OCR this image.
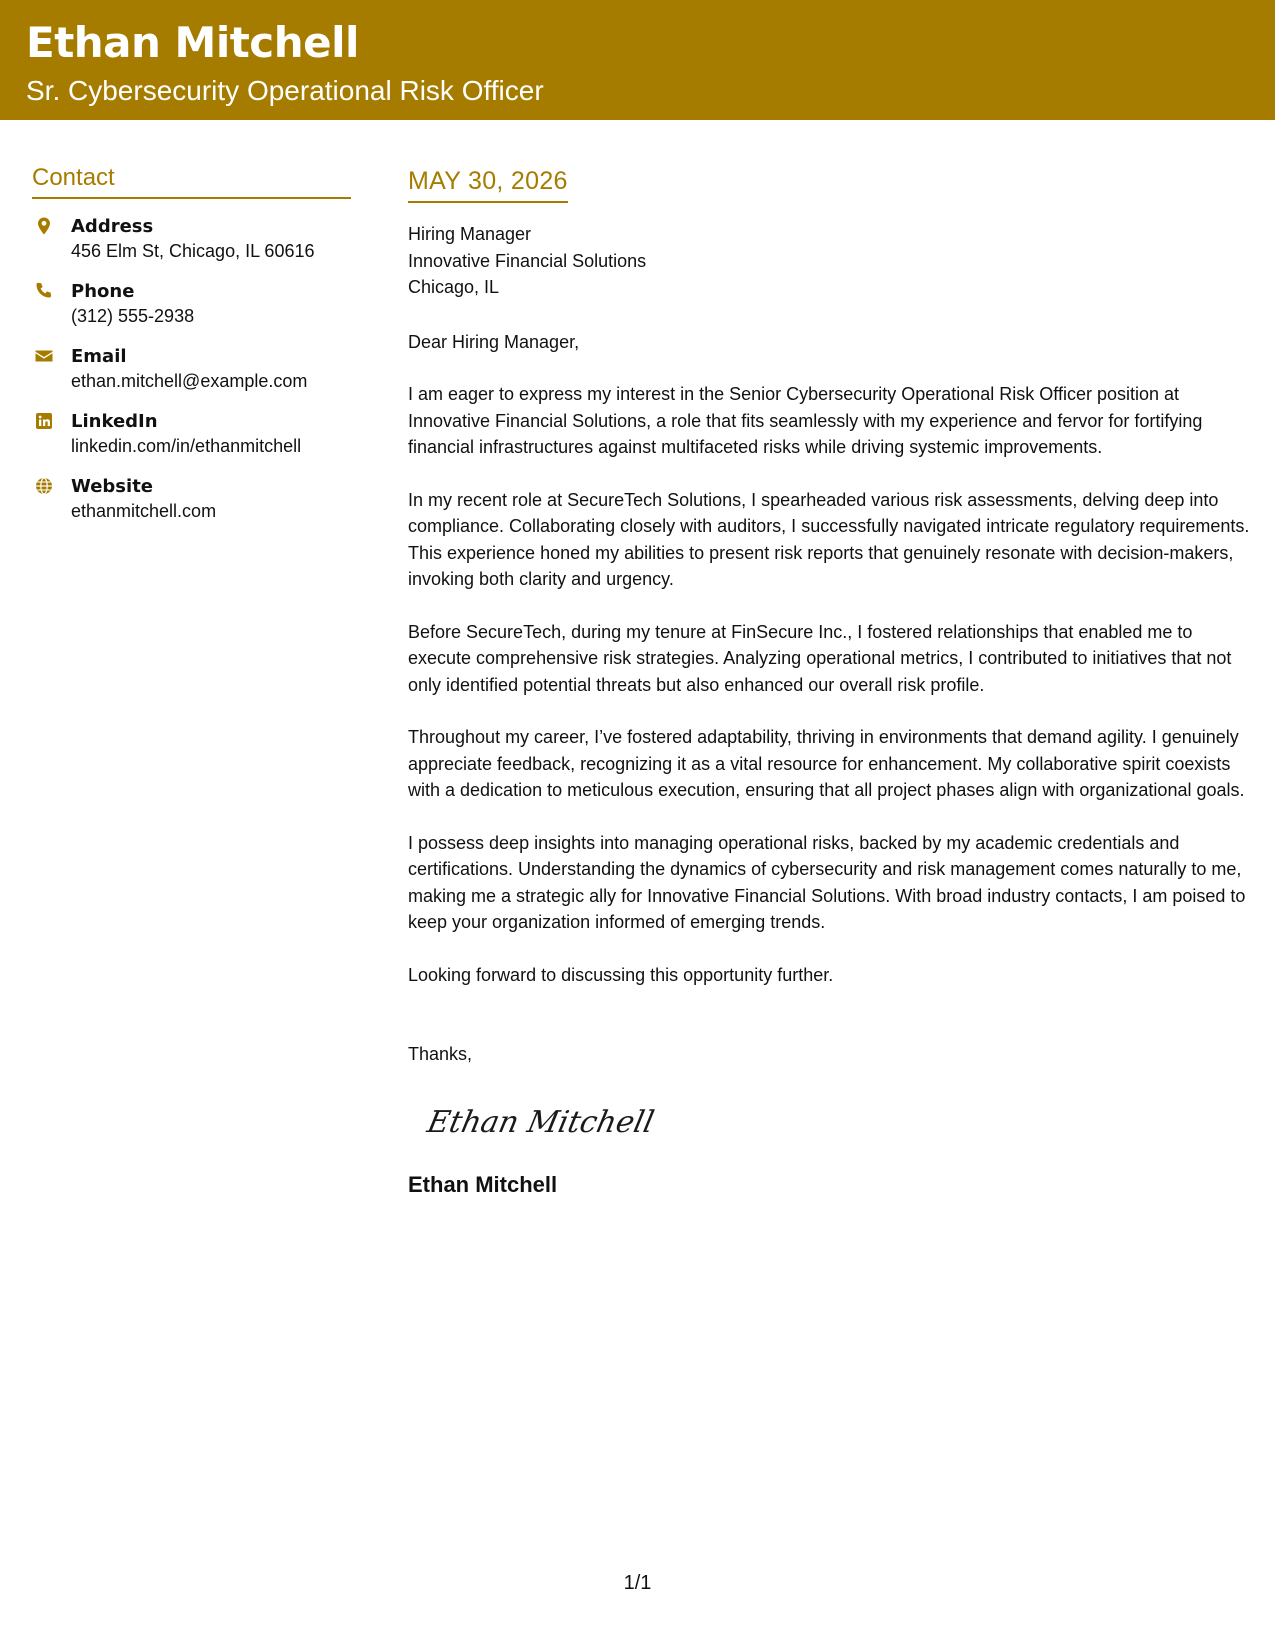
Ethan Mitchell
Sr. Cybersecurity Operational Risk Officer
Contact
Address
456 Elm St, Chicago, IL 60616
Phone
(312) 555-2938
Email
ethan.mitchell@example.com
LinkedIn
linkedin.com/in/ethanmitchell
Website
ethanmitchell.com
MAY 30, 2026
Hiring Manager
Innovative Financial Solutions
Chicago, IL
Dear Hiring Manager,
I am eager to express my interest in the Senior Cybersecurity Operational Risk Officer position at Innovative Financial Solutions, a role that fits seamlessly with my experience and fervor for fortifying financial infrastructures against multifaceted risks while driving systemic improvements.
In my recent role at SecureTech Solutions, I spearheaded various risk assessments, delving deep into compliance. Collaborating closely with auditors, I successfully navigated intricate regulatory requirements. This experience honed my abilities to present risk reports that genuinely resonate with decision-makers, invoking both clarity and urgency.
Before SecureTech, during my tenure at FinSecure Inc., I fostered relationships that enabled me to execute comprehensive risk strategies. Analyzing operational metrics, I contributed to initiatives that not only identified potential threats but also enhanced our overall risk profile.
Throughout my career, I’ve fostered adaptability, thriving in environments that demand agility. I genuinely appreciate feedback, recognizing it as a vital resource for enhancement. My collaborative spirit coexists with a dedication to meticulous execution, ensuring that all project phases align with organizational goals.
I possess deep insights into managing operational risks, backed by my academic credentials and certifications. Understanding the dynamics of cybersecurity and risk management comes naturally to me, making me a strategic ally for Innovative Financial Solutions. With broad industry contacts, I am poised to keep your organization informed of emerging trends.
Looking forward to discussing this opportunity further.
Thanks,
Ethan Mitchell
Ethan Mitchell
1/1
